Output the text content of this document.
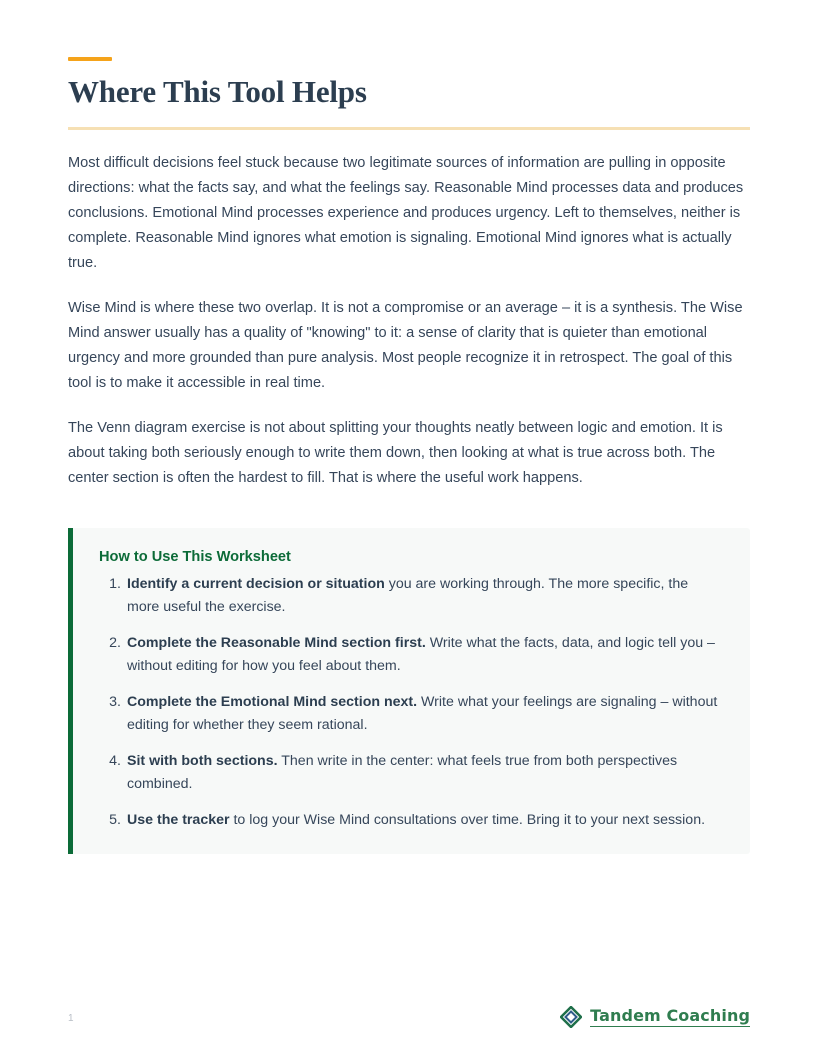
Where This Tool Helps

Most difficult decisions feel stuck because two legitimate sources of information are pulling in opposite directions: what the facts say, and what the feelings say. Reasonable Mind processes data and produces conclusions. Emotional Mind processes experience and produces urgency. Left to themselves, neither is complete. Reasonable Mind ignores what emotion is signaling. Emotional Mind ignores what is actually true.

Wise Mind is where these two overlap. It is not a compromise or an average – it is a synthesis. The Wise Mind answer usually has a quality of "knowing" to it: a sense of clarity that is quieter than emotional urgency and more grounded than pure analysis. Most people recognize it in retrospect. The goal of this tool is to make it accessible in real time.

The Venn diagram exercise is not about splitting your thoughts neatly between logic and emotion. It is about taking both seriously enough to write them down, then looking at what is true across both. The center section is often the hardest to fill. That is where the useful work happens.

How to Use This Worksheet
Identify a current decision or situation you are working through. The more specific, the more useful the exercise.
Complete the Reasonable Mind section first. Write what the facts, data, and logic tell you – without editing for how you feel about them.
Complete the Emotional Mind section next. Write what your feelings are signaling – without editing for whether they seem rational.
Sit with both sections. Then write in the center: what feels true from both perspectives combined.
Use the tracker to log your Wise Mind consultations over time. Bring it to your next session.
1	Tandem Coaching
